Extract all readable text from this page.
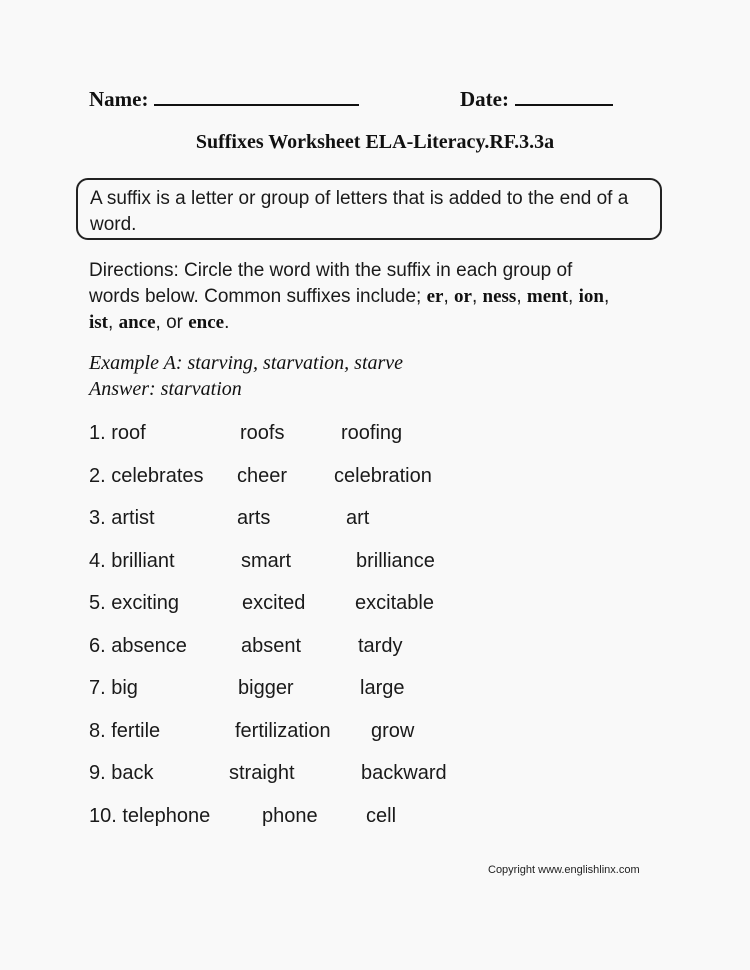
Name:	Date:
Suffixes Worksheet ELA-Literacy.RF.3.3a
A suffix is a letter or group of letters that is added to the end of a
word.
Directions: Circle the word with the suffix in each group of
words below. Common suffixes include; er, or, ness, ment, ion,
ist, ance, or ence.
Example A: starving, starvation, starve
Answer: starvation
1. roof	roofs	roofing
2. celebrates cheer celebration
3. artist	arts	art
4. brilliant	smart	brilliance
5. exciting	excited excitable
6. absence	absent	tardy
7. big	bigger	large
8. fertile	fertilization grow
9. back	straight	backward
10. telephone	phone cell
Copyright www.englishlinx.com
